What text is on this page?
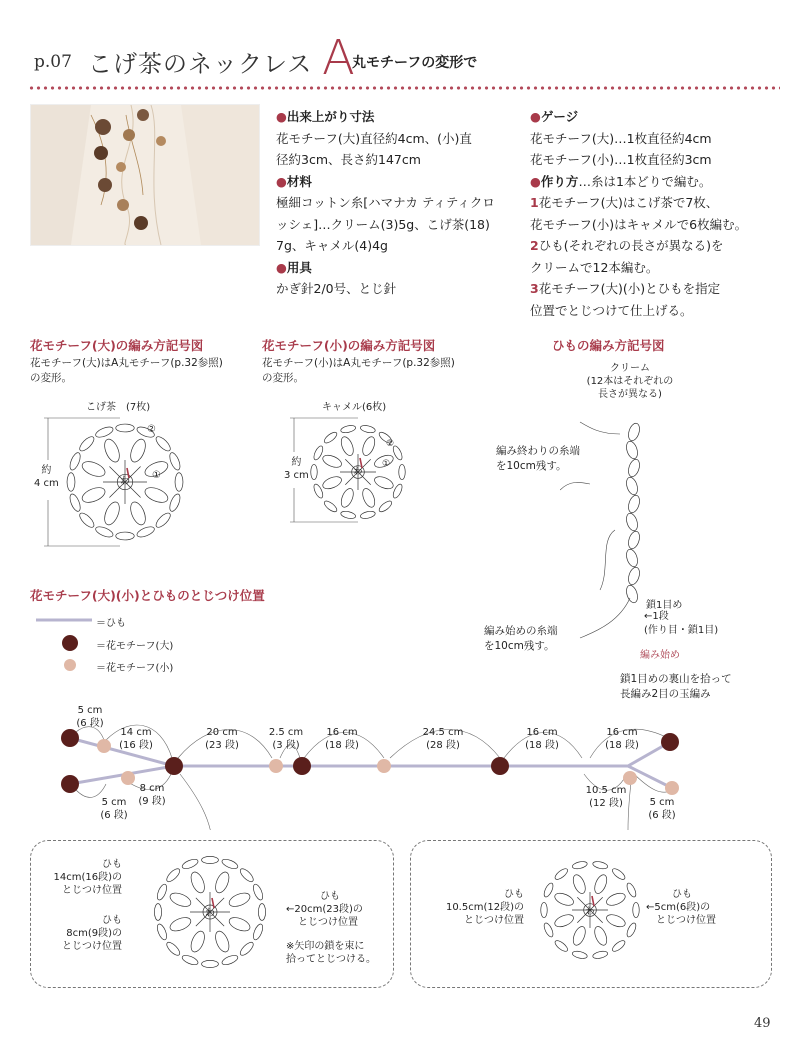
p.07 こげ茶のネックレス A
丸モチーフの変形で
●出来上がり寸法
花モチーフ(大)直径約4cm、(小)直
径約3cm、長さ約147cm
●材料
極細コットン糸[ハマナカ ティティクロ
ッシェ]…クリーム(3)5g、こげ茶(18)
7g、キャメル(4)4g
●用具
かぎ針2/0号、とじ針
●ゲージ
花モチーフ(大)…1枚直径約4cm
花モチーフ(小)…1枚直径約3cm
●作り方…糸は1本どりで編む。
1花モチーフ(大)はこげ茶で7枚、
花モチーフ(小)はキャメルで6枚編む。
2ひも(それぞれの長さが異なる)を
クリームで12本編む。
3花モチーフ(大)(小)とひもを指定
位置でとじつけて仕上げる。
花モチーフ(大)の編み方記号図
花モチーフ(大)はA丸モチーフ(p.32参照)
の変形。
こげ茶　(7枚)
約
4 cm	わ
①
②
花モチーフ(小)の編み方記号図
花モチーフ(小)はA丸モチーフ(p.32参照)
の変形。
キャメル(6枚)
約
3 cm	わ
①
②
ひもの編み方記号図
クリーム
(12本はそれぞれの
長さが異なる)
編み終わりの糸端
を10cm残す。
鎖1目め
←1段
(作り目・鎖1目)
編み始め
編み始めの糸端
を10cm残す。
鎖1目めの裏山を拾って
長編み2目の玉編み
花モチーフ(大)(小)とひものとじつけ位置
＝ひも
＝花モチーフ(大)
＝花モチーフ(小)
5 cm
(6 段)
14 cm
(16 段)
20 cm
(23 段)
2.5 cm
(3 段)
16 cm
(18 段)
24.5 cm
(28 段)
16 cm
(18 段)
16 cm
(18 段)
5 cm
(6 段)
8 cm
(9 段)
10.5 cm
(12 段)	5 cm
(6 段)
ひも
14cm(16段)の
とじつけ位置
ひも
8cm(9段)の
とじつけ位置
ひも
←20cm(23段)の
とじつけ位置
※矢印の鎖を束に
拾ってとじつける。
わ
ひも
10.5cm(12段)の
とじつけ位置
ひも
←5cm(6段)の
とじつけ位置
わ
49
